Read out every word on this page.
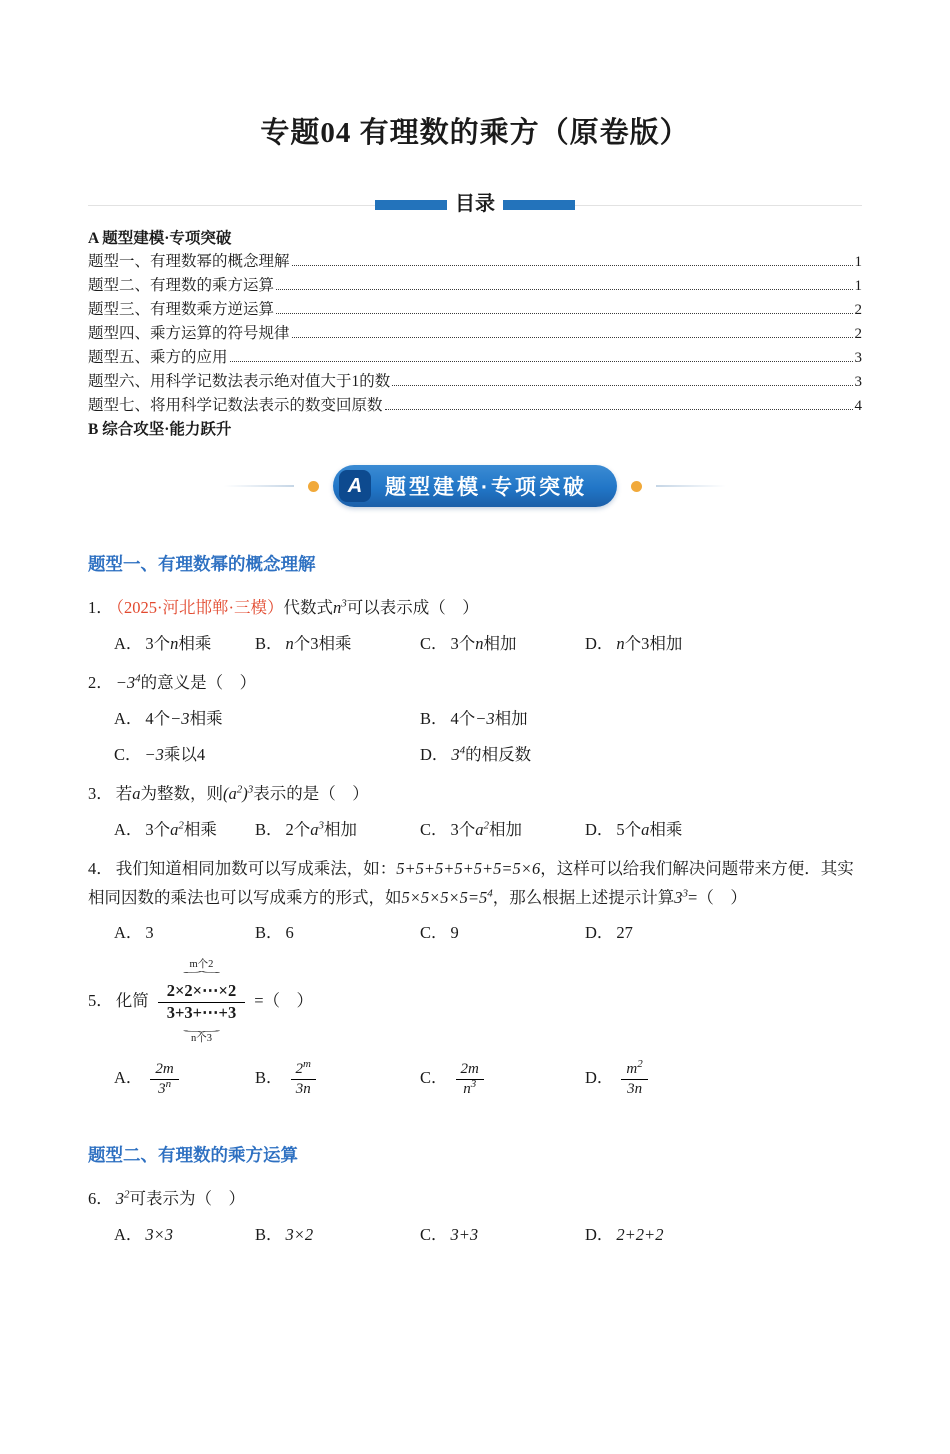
专题04 有理数的乘方（原卷版）
目录
A 题型建模·专项突破
题型一、有理数幂的概念理解	1
题型二、有理数的乘方运算	1
题型三、有理数乘方逆运算	2
题型四、乘方运算的符号规律	2
题型五、乘方的应用	3
题型六、用科学记数法表示绝对值大于1的数	3
题型七、将用科学记数法表示的数变回原数	4
B 综合攻坚·能力跃升
A	题型建模·专项突破
题型一、有理数幂的概念理解

1． （2025·河北邯郸·三模）代数式$n^3$可以表示成（　）

A． 3个n相乘	B． n个3相乘	C． 3个n相加	D． n个3相加

2． $-3^4$的意义是（　）

A． 4个−3相乘	B． 4个−3相加
C． −3乘以4	D． $3^4$的相反数

3． 若a为整数，则$(a^2)^3$表示的是（　）

A． 3个$a^2$相乘	B． 2个$a^3$相加	C． 3个$a^2$相加	D． 5个a相乘

4． 我们知道相同加数可以写成乘法，如：5+5+5+5+5+5=5×6，这样可以给我们解决问题带来方便．其实相同因数的乘法也可以写成乘方的形式，如$5\times 5\times 5\times 5=5^4$，那么根据上述提示计算$3^3=$（　）

A． 3	B． 6	C． 9	D． 27

5． 化简
m个2
⏞
2×2×⋯×2
3+3+⋯+3
⏟
n个3
=（　）

A． $\frac{2m}{3^n}$	B． $\frac{2^m}{3n}$	C． $\frac{2m}{n^3}$	D． $\frac{m^2}{3n}$
题型二、有理数的乘方运算

6． $3^2$可表示为（　）

A． 3×3	B． 3×2	C． 3+3	D． 2+2+2
